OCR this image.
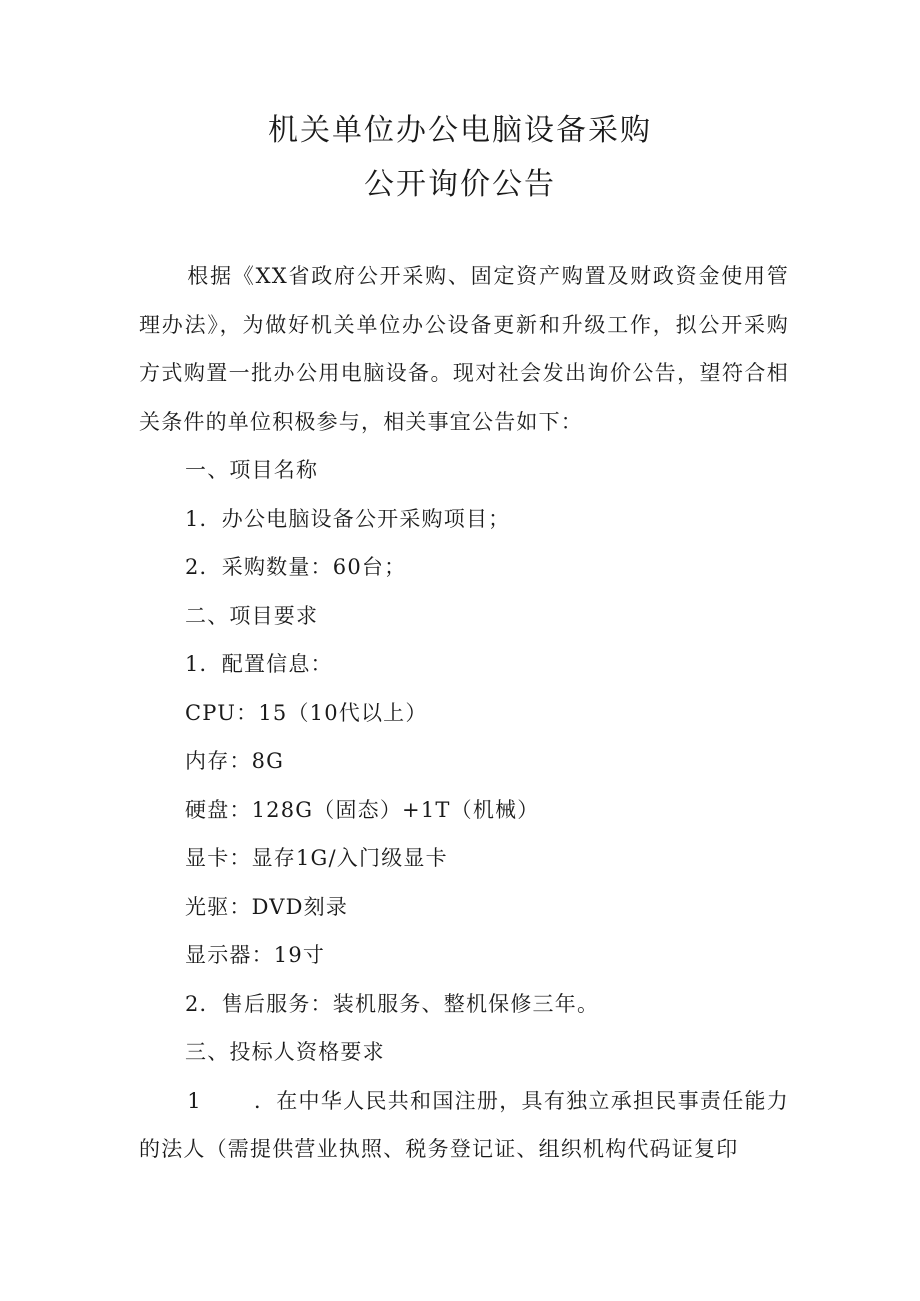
机关单位办公电脑设备采购
公开询价公告

根据《XX省政府公开采购、固定资产购置及财政资金使用管理办法》，为做好机关单位办公设备更新和升级工作，拟公开采购方式购置一批办公用电脑设备。现对社会发出询价公告，望符合相关条件的单位积极参与，相关事宜公告如下：

一、项目名称

1．办公电脑设备公开采购项目；

2．采购数量：60台；

二、项目要求

1．配置信息：

CPU：15（10代以上）

内存：8G

硬盘：128G（固态）+1T（机械）

显卡：显存1G/入门级显卡

光驱：DVD刻录

显示器：19寸

2．售后服务：装机服务、整机保修三年。

三、投标人资格要求

1 ．在中华人民共和国注册，具有独立承担民事责任能力的法人（需提供营业执照、税务登记证、组织机构代码证复印
